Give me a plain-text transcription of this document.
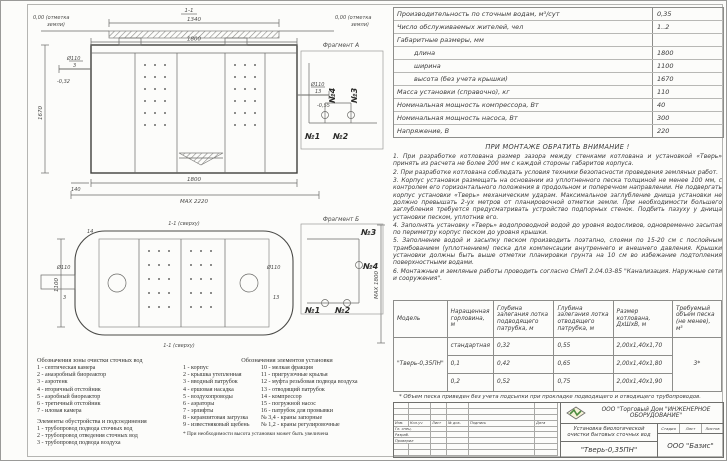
1-1
Ø110
3
-0,32	Ø110
13
-0,55
0,00 (отметка
земли)
0,00 (отметка
земли)
1340
1800
1800
140
MAX 2220
1670
Фрагмент А
№4 №3
№1 №2
1-1 (сверху)
Ø110
3
Ø110
13
14
1100	MAX 1800
1-1 (сверху)
Фрагмент Б
№3
№4
№1 №2
Производительность по сточным водам, м³/сут	0,35
Число обслуживаемых жителей, чел	1..2
Габаритные размеры, мм
длина	1800
ширина	1100
высота (без учета крышки)	1670
Масса установки (справочно), кг	110
Номинальная мощность компрессора, Вт	40
Номинальная мощность насоса, Вт	300
Напряжение, В	220
ПРИ МОНТАЖЕ ОБРАТИТЬ ВНИМАНИЕ !
1. При разработке котлована размер зазора между стенками котлована и установкой «Тверь» принять из расчета не более 200 мм с каждой стороны габаритов корпуса.
2. При разработке котлована соблюдать условия техники безопасности проведения земляных работ.
3. Корпус установки размещать на основании из уплотненного песка толщиной не менее 100 мм, с контролем его горизонтального положения в продольном и поперечном направлении. Не подвергать корпус установки «Тверь» механическим ударам. Максимальное заглубление днища установки не должно превышать 2-ух метров от планировочной отметки земли. При необходимости большего заглубления требуется предусматривать устройство подпорных стенок. Подбить пазуху у днища установки песком, уплотнив его.
4. Заполнять установку «Тверь» водопроводной водой до уровня водосливов, одновременно засыпая по периметру корпус песком до уровня крышки.
5. Заполнение водой и засыпку песком производить поэтапно, слоями по 15-20 см с послойным трамбованием (уплотнением) песка для компенсации внутреннего и внешнего давления. Крышки установки должны быть выше отметки планировки грунта на 10 см во избежание подтопления поверхностными водами.
6. Монтажные и земляные работы проводить согласно СНиП 2.04.03-85 "Канализация. Наружные сети и сооружения".
Модель	Наращенная горловина, м	Глубина залегания лотка подводящего патрубка, м	Глубина залегания лотка отводящего патрубка, м	Размер котлована, ДхШхВ, м	Требуемый объем песка (не менее), м³
"Тверь-0,35ПН"	стандартная	0,32	0,55	2,00х1,40х1,70	3*
	0,1	0,42	0,65	2,00х1,40х1,80	
	0,2	0,52	0,75	2,00х1,40х1,90	
* Объем песка приведен без учета подсыпки при прокладке подводящего и отводящего трубопроводов.
Обозначения зоны очистки сточных вод
1 - септическая камера
2 - анаэробный биореактор
3 - аэротенк
4 - вторичный отстойник
5 - аэробный биореактор
6 - третичный отстойник
7 - иловая камера
Элементы обустройства и подсоединения
1 - трубопровод подвода сточных вод
2 - трубопровод отведения сточных вод
3 - трубопровод подвода воздуха
Обозначения элементов установки
1 - корпус
2 - крышка утепленная
3 - вводный патрубок
4 - ершовая насадка
5 - воздухопроводы
6 - аэраторы
7 - эрлифты
8 - керамзитовая загрузка
9 - известняковый щебень
10 - мелкая фракция
11 - пригрузочные крылья
12 - муфта резьбовая подвода воздуха
13 - отводящий патрубок
14 - компрессор
15 - погружной насос
16 - патрубок для промывки
№ 3,4 - краны запорные
№ 1,2 - краны регулировочные
* При необходимости высота установки может быть увеличена
Изм.	Кол.уч	Лист	№ док.	Подпись	Дата
Гл. спец.
Разраб.
Проверил
ООО "Торговый Дом "ИНЖЕНЕРНОЕ ОБОРУДОВАНИЕ"
Установка биологической очистки бытовых сточных вод
"Тверь-0,35ПН"
Стадия	Лист	Листов
ООО "Базис"
